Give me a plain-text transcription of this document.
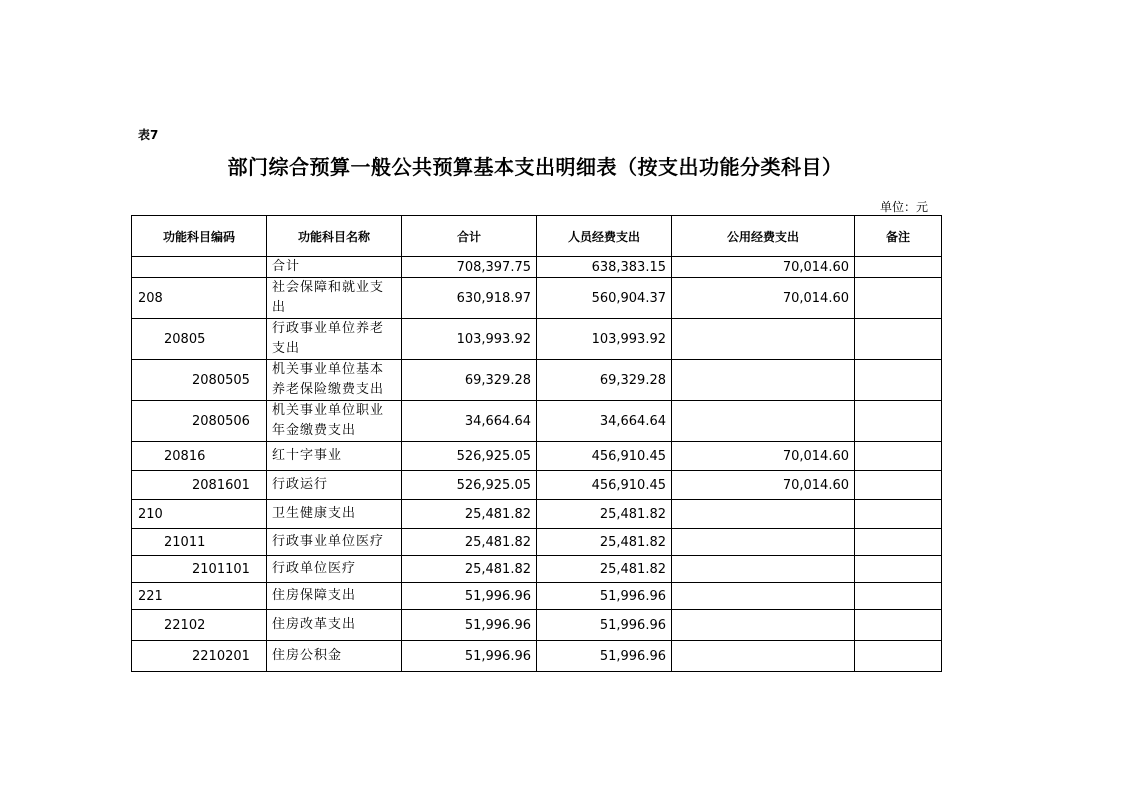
表7
部门综合预算一般公共预算基本支出明细表（按支出功能分类科目）
单位：元
功能科目编码	功能科目名称	合计	人员经费支出	公用经费支出	备注
	合计	708,397.75	638,383.15	70,014.60	
208	社会保障和就业支出	630,918.97	560,904.37	70,014.60	
20805	行政事业单位养老支出	103,993.92	103,993.92		
2080505	机关事业单位基本养老保险缴费支出	69,329.28	69,329.28		
2080506	机关事业单位职业年金缴费支出	34,664.64	34,664.64		
20816	红十字事业	526,925.05	456,910.45	70,014.60	
2081601	行政运行	526,925.05	456,910.45	70,014.60	
210	卫生健康支出	25,481.82	25,481.82		
21011	行政事业单位医疗	25,481.82	25,481.82		
2101101	行政单位医疗	25,481.82	25,481.82		
221	住房保障支出	51,996.96	51,996.96		
22102	住房改革支出	51,996.96	51,996.96		
2210201	住房公积金	51,996.96	51,996.96		
